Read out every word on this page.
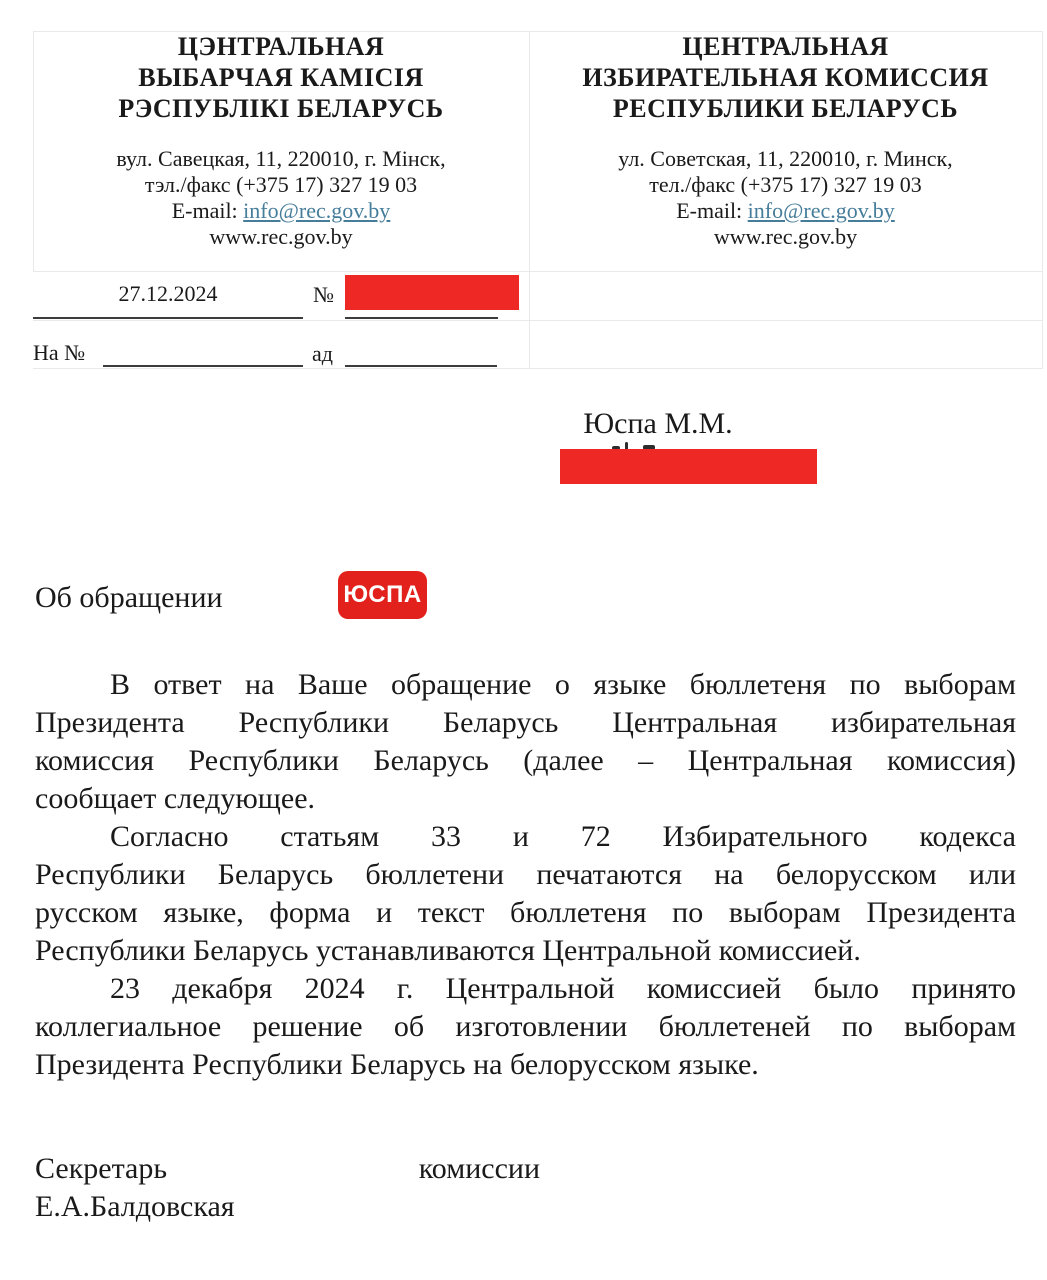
ЦЭНТРАЛЬНАЯ
ВЫБАРЧАЯ КАМІСІЯ
РЭСПУБЛІКІ БЕЛАРУСЬ
вул. Савецкая, 11, 220010, г. Мінск,
тэл./факс (+375 17) 327 19 03
E-mail: info@rec.gov.by
www.rec.gov.by
ЦЕНТРАЛЬНАЯ
ИЗБИРАТЕЛЬНАЯ КОМИССИЯ
РЕСПУБЛИКИ БЕЛАРУСЬ
ул. Советская, 11, 220010, г. Минск,
тел./факс (+375 17) 327 19 03
E-mail: info@rec.gov.by
www.rec.gov.by
27.12.2024	№
На №	ад
Юспа М.М.
Об обращении	ЮСПА
В ответ на Ваше обращение о языке бюллетеня по выборам
Президента Республики Беларусь Центральная избирательная
комиссия Республики Беларусь (далее – Центральная комиссия)
сообщает следующее.
Согласно статьям 33 и 72 Избирательного кодекса
Республики Беларусь бюллетени печатаются на белорусском или
русском языке, форма и текст бюллетеня по выборам Президента
Республики Беларусь устанавливаются Центральной комиссией.
23 декабря 2024 г. Центральной комиссией было принято
коллегиальное решение об изготовлении бюллетеней по выборам
Президента Республики Беларусь на белорусском языке.
Секретарь	комиссии
Е.А.Балдовская
